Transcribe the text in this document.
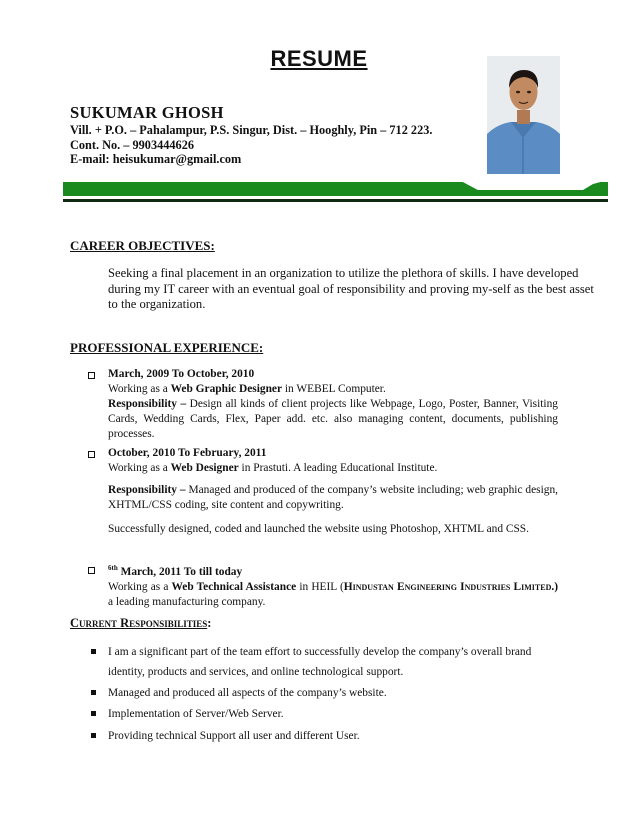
RESUME
SUKUMAR GHOSH
Vill. + P.O. – Pahalampur, P.S. Singur, Dist. – Hooghly, Pin – 712 223.
Cont. No. – 9903444626
E-mail: heisukumar@gmail.com
CAREER OBJECTIVES:
Seeking a final placement in an organization to utilize the plethora of skills. I have developed during my IT career with an eventual goal of responsibility and proving my-self as the best asset to the organization.
PROFESSIONAL EXPERIENCE:
March, 2009 To October, 2010
Working as a Web Graphic Designer in WEBEL Computer.
Responsibility – Design all kinds of client projects like Webpage, Logo, Poster, Banner, Visiting Cards, Wedding Cards, Flex, Paper add. etc. also managing content, documents, publishing processes.
October, 2010 To February, 2011
Working as a Web Designer in Prastuti. A leading Educational Institute.
Responsibility – Managed and produced of the company’s website including; web graphic design, XHTML/CSS coding, site content and copywriting.
Successfully designed, coded and launched the website using Photoshop, XHTML and CSS.
$^{6th}$ March, 2011 To till today
Working as a Web Technical Assistance in HEIL (Hindustan Engineering Industries Limited.) a leading manufacturing company.
Current Responsibilities:
I am a significant part of the team effort to successfully develop the company’s overall brand identity, products and services, and online technological support.
Managed and produced all aspects of the company’s website.
Implementation of Server/Web Server.
Providing technical Support all user and different User.
